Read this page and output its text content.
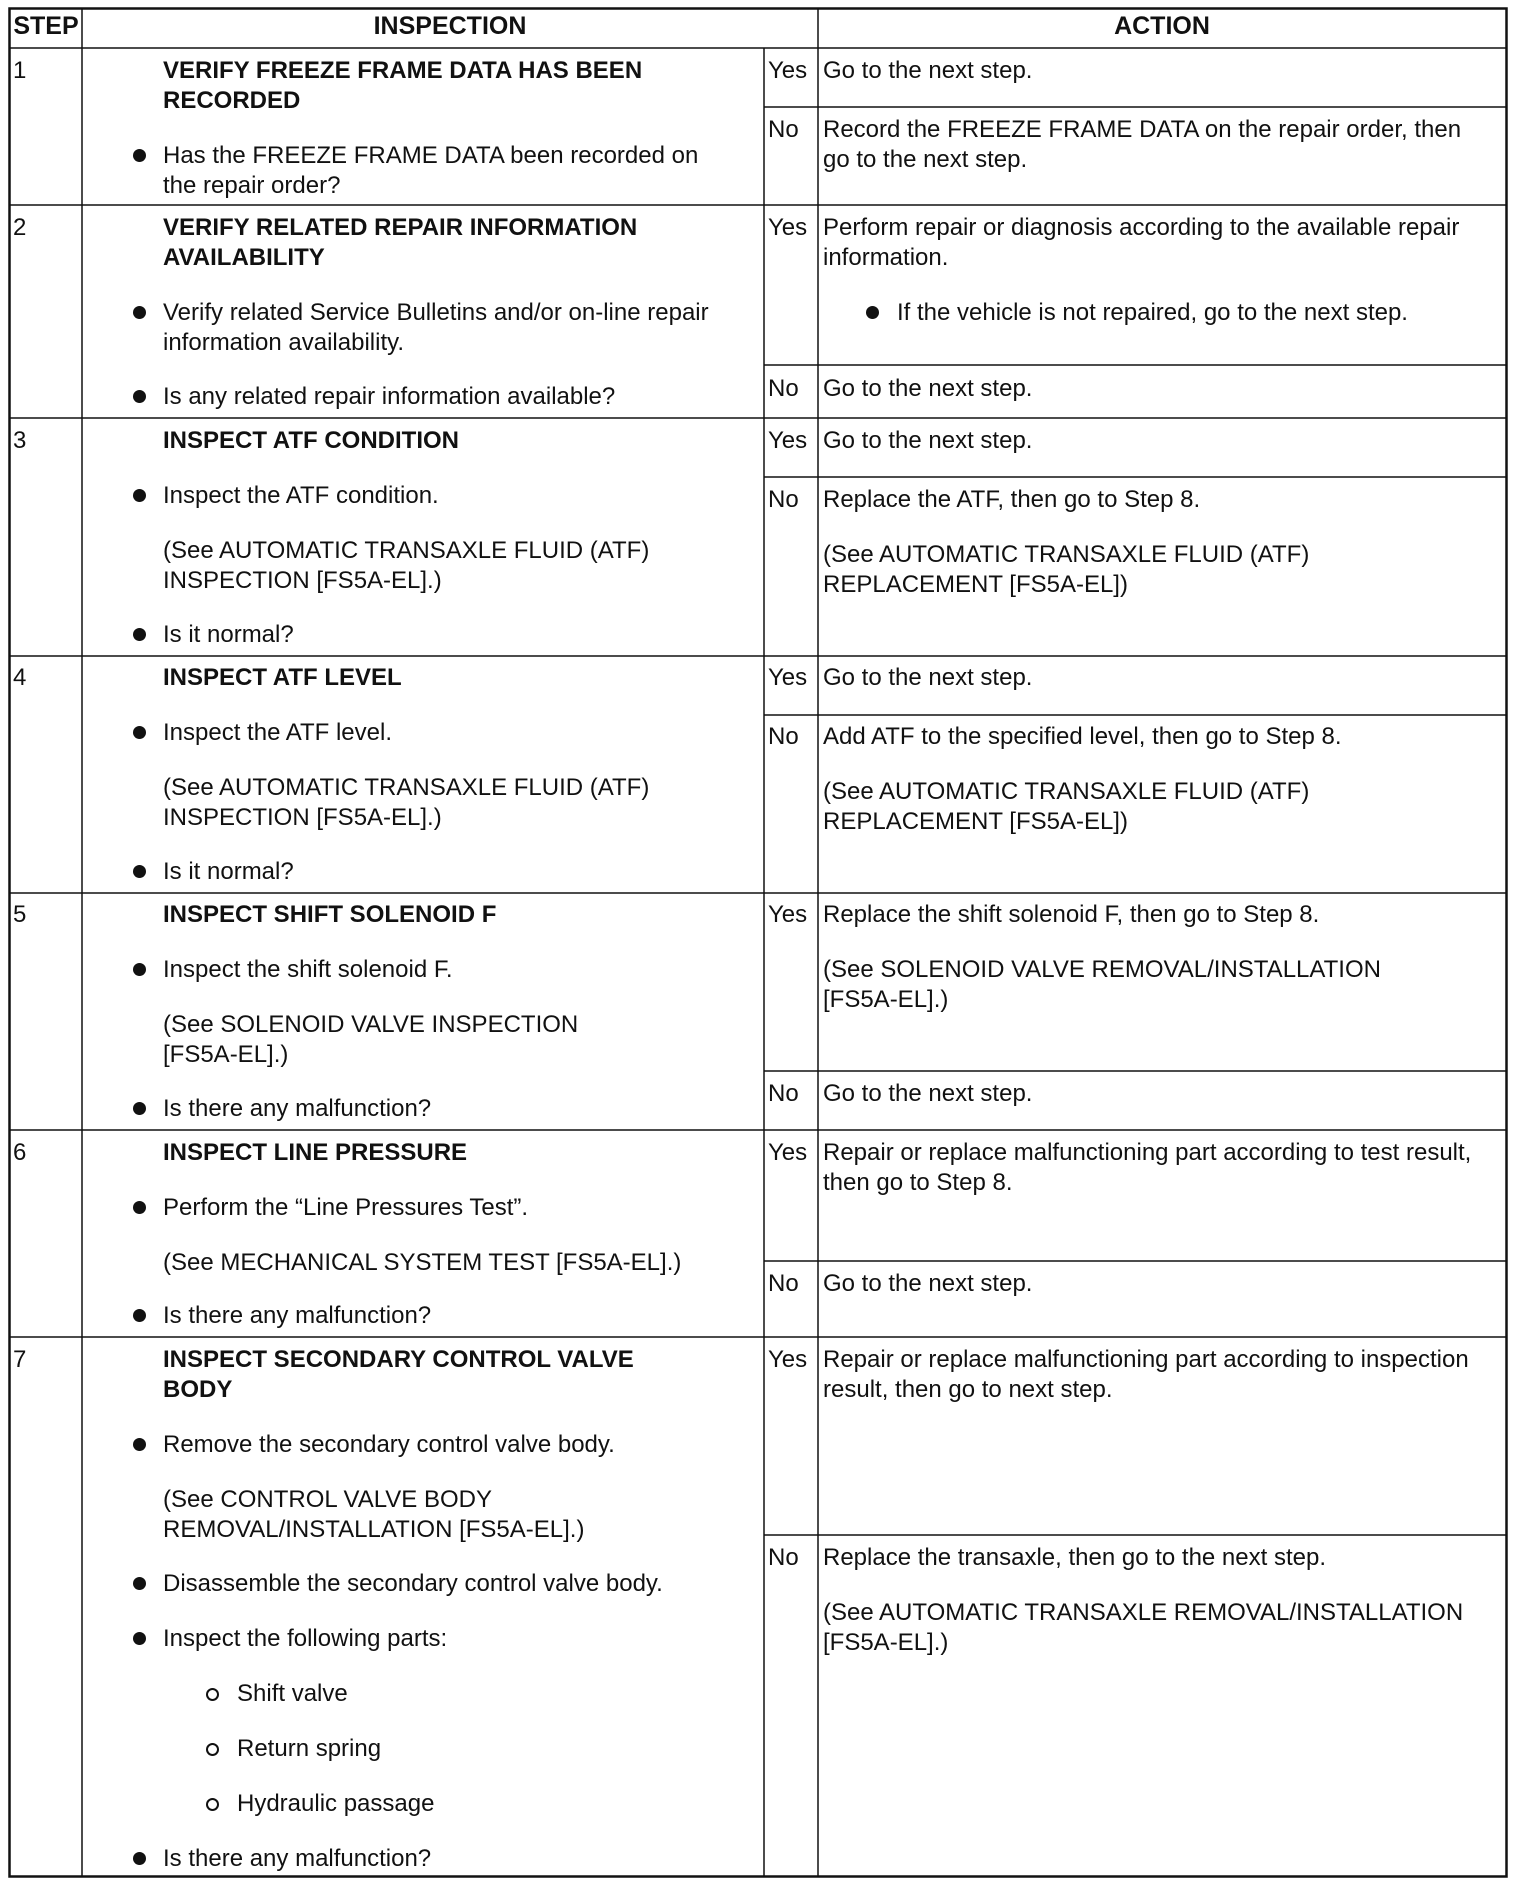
STEP	INSPECTION	ACTION
1	VERIFY FREEZE FRAME DATA HAS BEEN
RECORDED
Has the FREEZE FRAME DATA been recorded on
the repair order?
Yes Go to the next step.
No Record the FREEZE FRAME DATA on the repair order, then
go to the next step.
2	VERIFY RELATED REPAIR INFORMATION
AVAILABILITY
Verify related Service Bulletins and/or on-line repair
information availability.
Is any related repair information available?
Yes Perform repair or diagnosis according to the available repair
information.
If the vehicle is not repaired, go to the next step.
No Go to the next step.
3	INSPECT ATF CONDITION
Inspect the ATF condition.
(See AUTOMATIC TRANSAXLE FLUID (ATF)
INSPECTION [FS5A-EL].)
Is it normal?
Yes Go to the next step.
No Replace the ATF, then go to Step 8.
(See AUTOMATIC TRANSAXLE FLUID (ATF)
REPLACEMENT [FS5A-EL])
4	INSPECT ATF LEVEL
Inspect the ATF level.
(See AUTOMATIC TRANSAXLE FLUID (ATF)
INSPECTION [FS5A-EL].)
Is it normal?
Yes Go to the next step.
No Add ATF to the specified level, then go to Step 8.
(See AUTOMATIC TRANSAXLE FLUID (ATF)
REPLACEMENT [FS5A-EL])
5	INSPECT SHIFT SOLENOID F
Inspect the shift solenoid F.
(See SOLENOID VALVE INSPECTION
[FS5A-EL].)
Is there any malfunction?
Yes Replace the shift solenoid F, then go to Step 8.
(See SOLENOID VALVE REMOVAL/INSTALLATION
[FS5A-EL].)
No Go to the next step.
6	INSPECT LINE PRESSURE
Perform the “Line Pressures Test”.
(See MECHANICAL SYSTEM TEST [FS5A-EL].)
Is there any malfunction?
Yes Repair or replace malfunctioning part according to test result,
then go to Step 8.
No Go to the next step.
7	INSPECT SECONDARY CONTROL VALVE
BODY
Remove the secondary control valve body.
(See CONTROL VALVE BODY
REMOVAL/INSTALLATION [FS5A-EL].)
Disassemble the secondary control valve body.
Inspect the following parts:
Shift valve
Return spring
Hydraulic passage
Is there any malfunction?
Yes Repair or replace malfunctioning part according to inspection
result, then go to next step.
No Replace the transaxle, then go to the next step.
(See AUTOMATIC TRANSAXLE REMOVAL/INSTALLATION
[FS5A-EL].)
